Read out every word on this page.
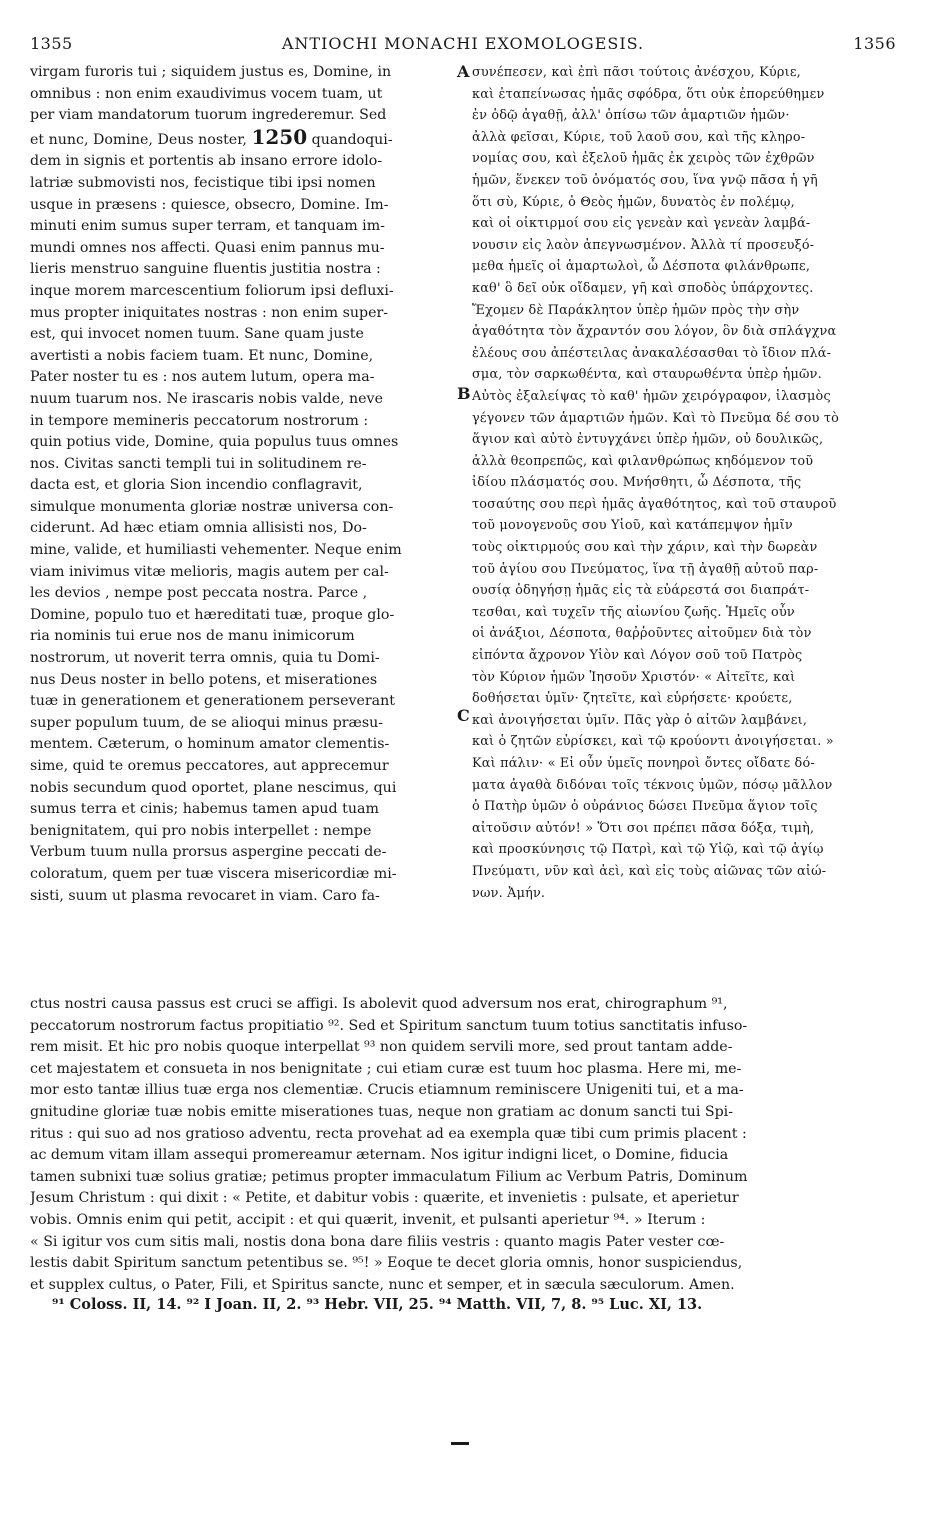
1355	ANTIOCHI MONACHI EXOMOLOGESIS.	1356
virgam furoris tui ; siquidem justus es, Domine, in
omnibus : non enim exaudivimus vocem tuam, ut
per viam mandatorum tuorum ingrederemur. Sed
et nunc, Domine, Deus noster, 1250 quandoqui-
dem in signis et portentis ab insano errore idolo-
latriæ submovisti nos, fecistique tibi ipsi nomen
usque in præsens : quiesce, obsecro, Domine. Im-
minuti enim sumus super terram, et tanquam im-
mundi omnes nos affecti. Quasi enim pannus mu-
lieris menstruo sanguine fluentis justitia nostra :
inque morem marcescentium foliorum ipsi defluxi-
mus propter iniquitates nostras : non enim super-
est, qui invocet nomen tuum. Sane quam juste
avertisti a nobis faciem tuam. Et nunc, Domine,
Pater noster tu es : nos autem lutum, opera ma-
nuum tuarum nos. Ne irascaris nobis valde, neve
in tempore memineris peccatorum nostrorum :
quin potius vide, Domine, quia populus tuus omnes
nos. Civitas sancti templi tui in solitudinem re-
dacta est, et gloria Sion incendio conflagravit,
simulque monumenta gloriæ nostræ universa con-
ciderunt. Ad hæc etiam omnia allisisti nos, Do-
mine, valide, et humiliasti vehementer. Neque enim
viam inivimus vitæ melioris, magis autem per cal-
les devios , nempe post peccata nostra. Parce ,
Domine, populo tuo et hæreditati tuæ, proque glo-
ria nominis tui erue nos de manu inimicorum
nostrorum, ut noverit terra omnis, quia tu Domi-
nus Deus noster in bello potens, et miserationes
tuæ in generationem et generationem perseverant
super populum tuum, de se alioqui minus præsu-
mentem. Cæterum, o hominum amator clementis-
sime, quid te oremus peccatores, aut apprecemur
nobis secundum quod oportet, plane nescimus, qui
sumus terra et cinis; habemus tamen apud tuam
benignitatem, qui pro nobis interpellet : nempe
Verbum tuum nulla prorsus aspergine peccati de-
coloratum, quem per tuæ viscera misericordiæ mi-
sisti, suum ut plasma revocaret in viam. Caro fa-
A
B
C
συνέπεσεν, καὶ ἐπὶ πᾶσι τούτοις ἀνέσχου, Κύριε,
καὶ ἐταπείνωσας ἡμᾶς σφόδρα, ὅτι οὐκ ἐπορεύθημεν
ἐν ὁδῷ ἀγαθῇ, ἀλλ' ὀπίσω τῶν ἁμαρτιῶν ἡμῶν·
ἀλλὰ φεῖσαι, Κύριε, τοῦ λαοῦ σου, καὶ τῆς κληρο-
νομίας σου, καὶ ἐξελοῦ ἡμᾶς ἐκ χειρὸς τῶν ἐχθρῶν
ἡμῶν, ἕνεκεν τοῦ ὀνόματός σου, ἵνα γνῷ πᾶσα ἡ γῆ
ὅτι σὺ, Κύριε, ὁ Θεὸς ἡμῶν, δυνατὸς ἐν πολέμῳ,
καὶ οἱ οἰκτιρμοί σου εἰς γενεὰν καὶ γενεὰν λαμβά-
νουσιν εἰς λαὸν ἀπεγνωσμένον. Ἀλλὰ τί προσευξό-
μεθα ἡμεῖς οἱ ἁμαρτωλοὶ, ὦ Δέσποτα φιλάνθρωπε,
καθ' ὃ δεῖ οὐκ οἴδαμεν, γῆ καὶ σποδὸς ὑπάρχοντες.
Ἔχομεν δὲ Παράκλητον ὑπὲρ ἡμῶν πρὸς τὴν σὴν
ἀγαθότητα τὸν ἄχραντόν σου λόγον, ὃν διὰ σπλάγχνα
ἐλέους σου ἀπέστειλας ἀνακαλέσασθαι τὸ ἴδιον πλά-
σμα, τὸν σαρκωθέντα, καὶ σταυρωθέντα ὑπὲρ ἡμῶν.
Αὐτὸς ἐξαλείψας τὸ καθ' ἡμῶν χειρόγραφον, ἱλασμὸς
γέγονεν τῶν ἁμαρτιῶν ἡμῶν. Καὶ τὸ Πνεῦμα δέ σου τὸ
ἅγιον καὶ αὐτὸ ἐντυγχάνει ὑπὲρ ἡμῶν, οὐ δουλικῶς,
ἀλλὰ θεοπρεπῶς, καὶ φιλανθρώπως κηδόμενον τοῦ
ἰδίου πλάσματός σου. Μνήσθητι, ὦ Δέσποτα, τῆς
τοσαύτης σου περὶ ἡμᾶς ἀγαθότητος, καὶ τοῦ σταυροῦ
τοῦ μονογενοῦς σου Υἱοῦ, καὶ κατάπεμψον ἡμῖν
τοὺς οἰκτιρμούς σου καὶ τὴν χάριν, καὶ τὴν δωρεὰν
τοῦ ἁγίου σου Πνεύματος, ἵνα τῇ ἀγαθῇ αὐτοῦ παρ-
ουσίᾳ ὁδηγήσῃ ἡμᾶς εἰς τὰ εὐάρεστά σοι διαπράτ-
τεσθαι, καὶ τυχεῖν τῆς αἰωνίου ζωῆς. Ἡμεῖς οὖν
οἱ ἀνάξιοι, Δέσποτα, θαῤῥοῦντες αἰτοῦμεν διὰ τὸν
εἰπόντα ἄχρονον Υἱὸν καὶ Λόγον σοῦ τοῦ Πατρὸς
τὸν Κύριον ἡμῶν Ἰησοῦν Χριστόν· « Αἰτεῖτε, καὶ
δοθήσεται ὑμῖν· ζητεῖτε, καὶ εὑρήσετε· κρούετε,
καὶ ἀνοιγήσεται ὑμῖν. Πᾶς γὰρ ὁ αἰτῶν λαμβάνει,
καὶ ὁ ζητῶν εὑρίσκει, καὶ τῷ κρούοντι ἀνοιγήσεται. »
Καὶ πάλιν· « Εἰ οὖν ὑμεῖς πονηροὶ ὄντες οἴδατε δό-
ματα ἀγαθὰ διδόναι τοῖς τέκνοις ὑμῶν, πόσῳ μᾶλλον
ὁ Πατὴρ ὑμῶν ὁ οὐράνιος δώσει Πνεῦμα ἅγιον τοῖς
αἰτοῦσιν αὐτόν! » Ὅτι σοι πρέπει πᾶσα δόξα, τιμὴ,
καὶ προσκύνησις τῷ Πατρὶ, καὶ τῷ Υἱῷ, καὶ τῷ ἁγίῳ
Πνεύματι, νῦν καὶ ἀεὶ, καὶ εἰς τοὺς αἰῶνας τῶν αἰώ-
νων. Ἀμήν.
ctus nostri causa passus est cruci se affigi. Is abolevit quod adversum nos erat, chirographum ⁹¹,
peccatorum nostrorum factus propitiatio ⁹². Sed et Spiritum sanctum tuum totius sanctitatis infuso-
rem misit. Et hic pro nobis quoque interpellat ⁹³ non quidem servili more, sed prout tantam adde-
cet majestatem et consueta in nos benignitate ; cui etiam curæ est tuum hoc plasma. Here mi, me-
mor esto tantæ illius tuæ erga nos clementiæ. Crucis etiamnum reminiscere Unigeniti tui, et a ma-
gnitudine gloriæ tuæ nobis emitte miserationes tuas, neque non gratiam ac donum sancti tui Spi-
ritus : qui suo ad nos gratioso adventu, recta provehat ad ea exempla quæ tibi cum primis placent :
ac demum vitam illam assequi promereamur æternam. Nos igitur indigni licet, o Domine, fiducia
tamen subnixi tuæ solius gratiæ; petimus propter immaculatum Filium ac Verbum Patris, Dominum
Jesum Christum : qui dixit : « Petite, et dabitur vobis : quærite, et invenietis : pulsate, et aperietur
vobis. Omnis enim qui petit, accipit : et qui quærit, invenit, et pulsanti aperietur ⁹⁴. » Iterum :
« Si igitur vos cum sitis mali, nostis dona bona dare filiis vestris : quanto magis Pater vester cœ-
lestis dabit Spiritum sanctum petentibus se. ⁹⁵! » Eoque te decet gloria omnis, honor suspiciendus,
et supplex cultus, o Pater, Fili, et Spiritus sancte, nunc et semper, et in sæcula sæculorum. Amen.
⁹¹ Coloss. II, 14. ⁹² I Joan. II, 2. ⁹³ Hebr. VII, 25. ⁹⁴ Matth. VII, 7, 8. ⁹⁵ Luc. XI, 13.
